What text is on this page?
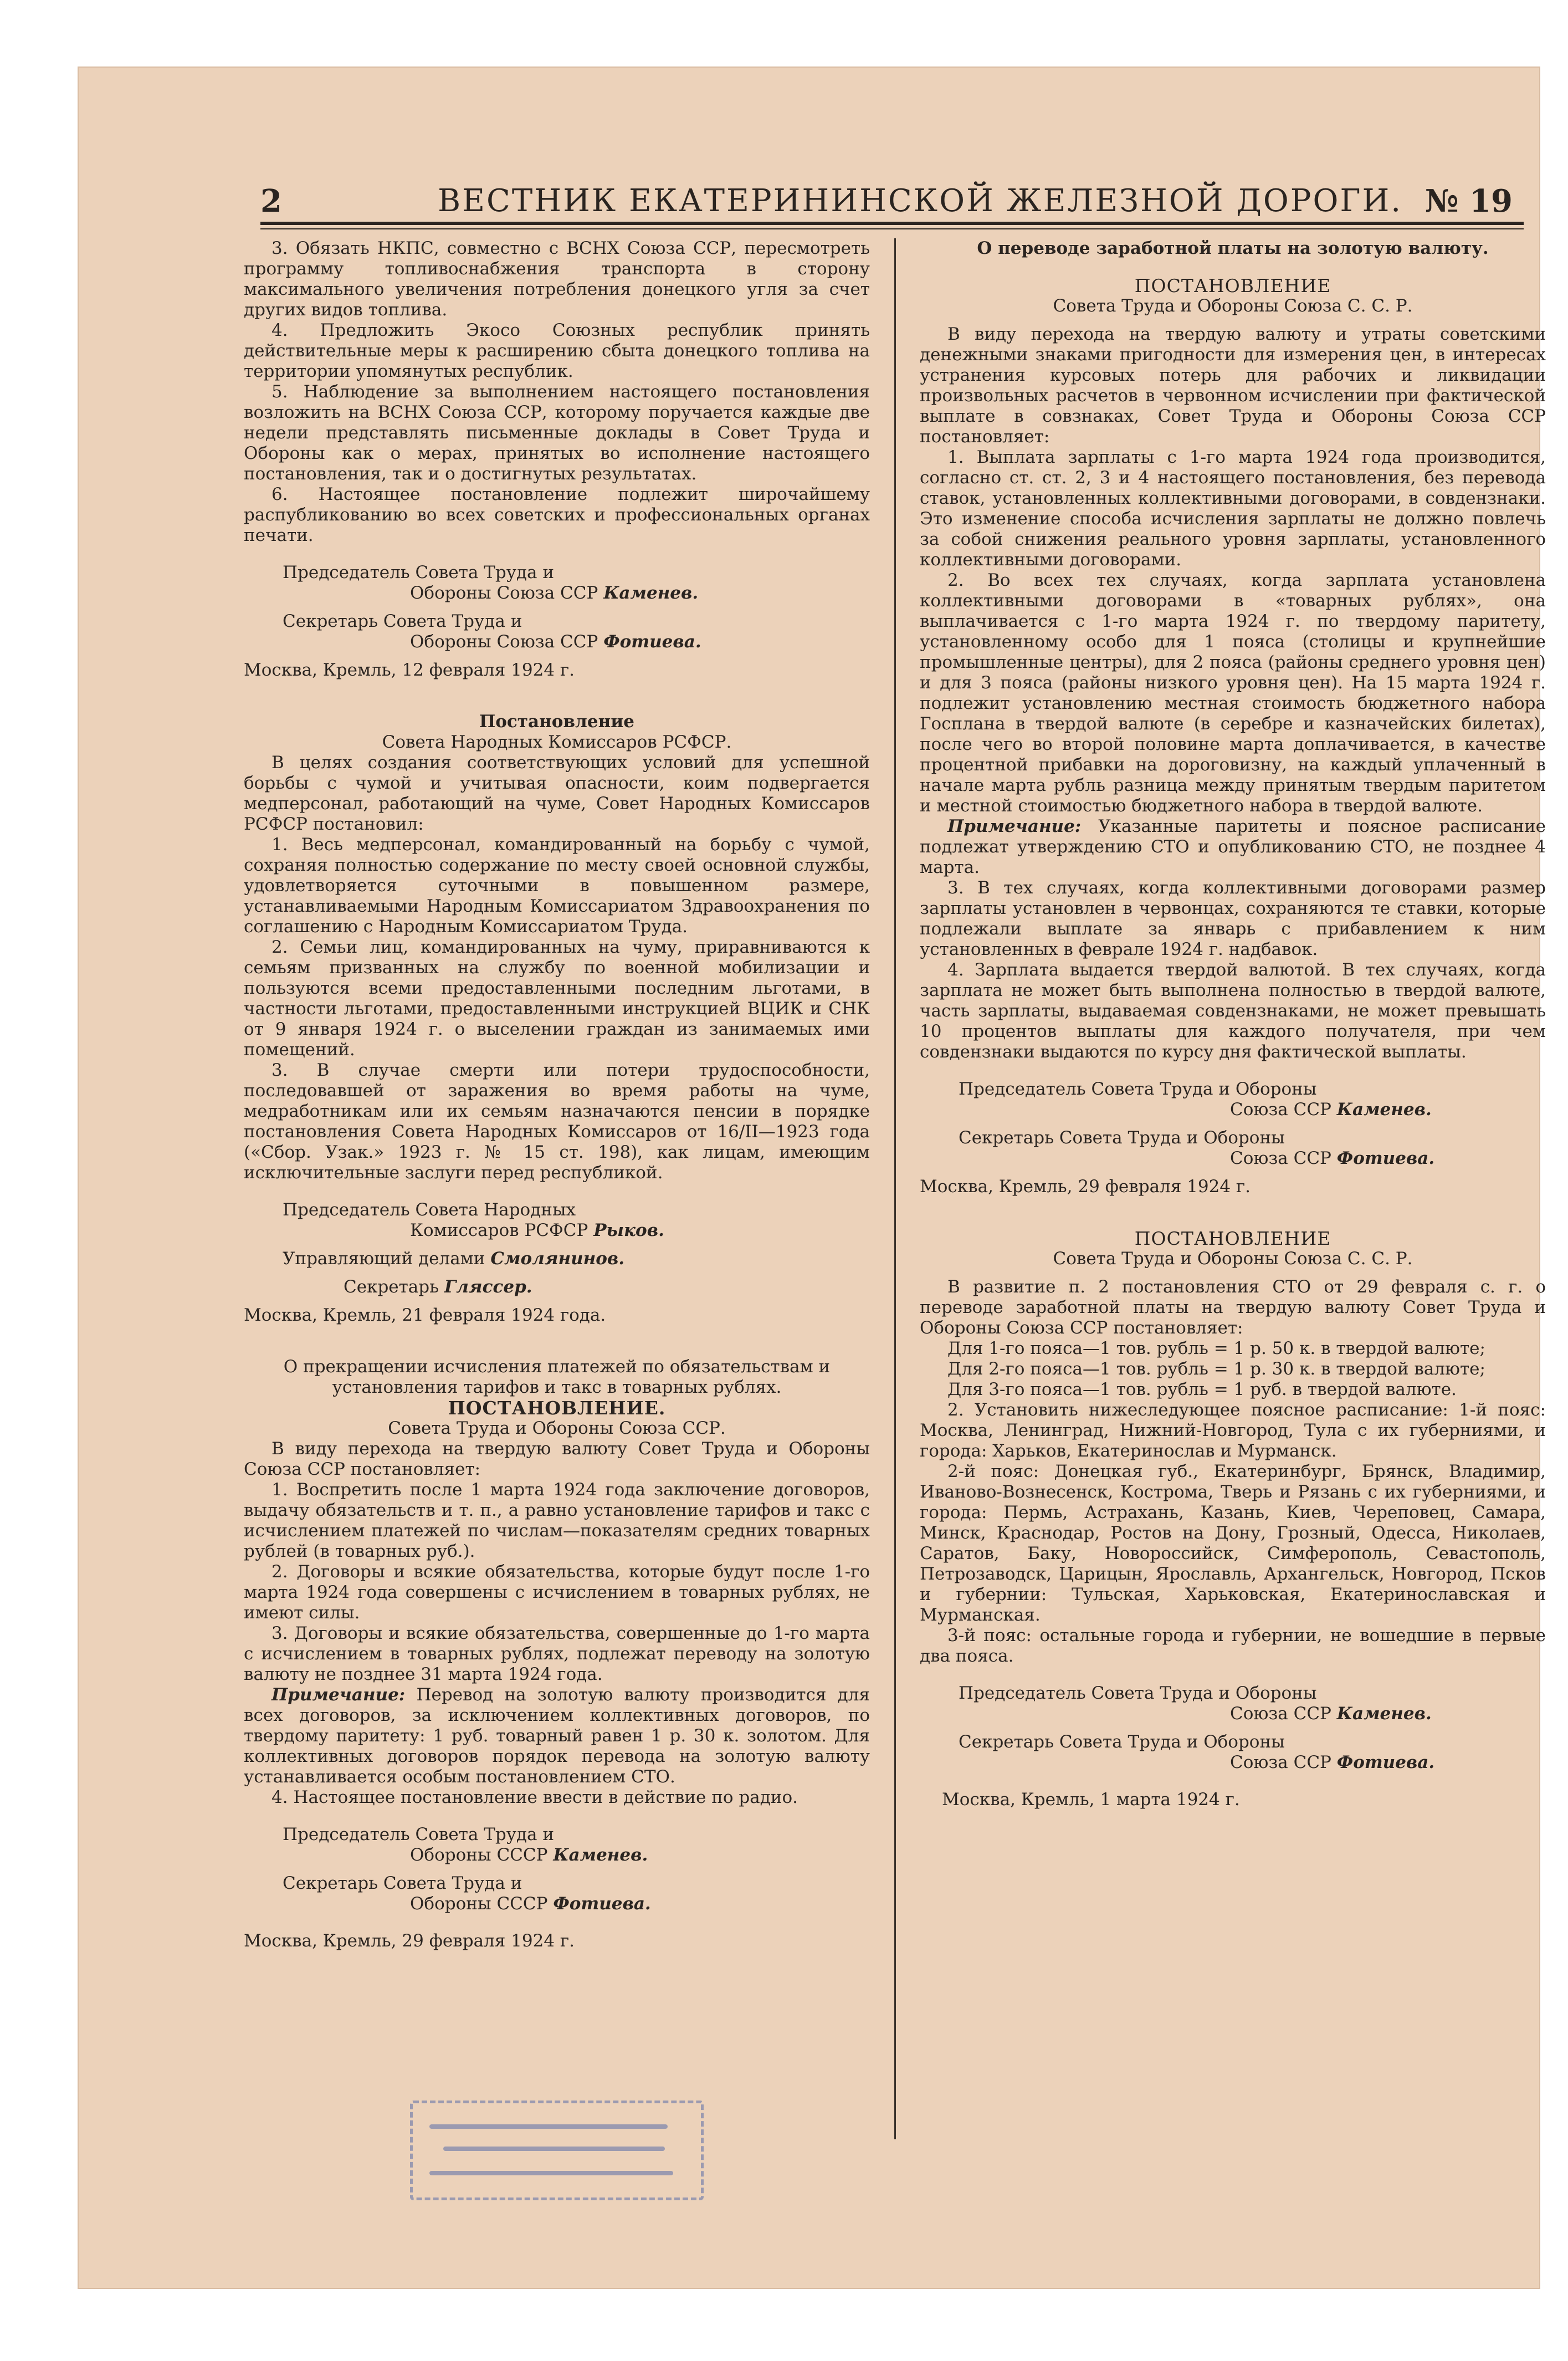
2	ВЕСТНИК ЕКАТЕРИНИНСКОЙ ЖЕЛЕЗНОЙ ДОРОГИ. № 19

3. Обязать НКПС, совместно с ВСНХ Союза ССР, пересмотреть программу топливоснабжения транспорта в сторону максимального увеличения потребления донецкого угля за счет других видов топлива.

4. Предложить Экосо Союзных республик принять действительные меры к расширению сбыта донецкого топлива на территории упомянутых республик.

5. Наблюдение за выполнением настоящего постановления возложить на ВСНХ Союза ССР, которому поручается каждые две недели представлять письменные доклады в Совет Труда и Обороны как о мерах, принятых во исполнение настоящего постановления, так и о достигнутых результатах.

6. Настоящее постановление подлежит широчайшему распубликованию во всех советских и профессиональных органах печати.

Председатель Совета Труда и

Обороны Союза ССР Каменев.

Секретарь Совета Труда и

Обороны Союза ССР Фотиева.

Москва, Кремль, 12 февраля 1924 г.

Постановление

Совета Народных Комиссаров РСФСР.

В целях создания соответствующих условий для успешной борьбы с чумой и учитывая опасности, коим подвергается медперсонал, работающий на чуме, Совет Народных Комиссаров РСФСР постановил:

1. Весь медперсонал, командированный на борьбу с чумой, сохраняя полностью содержание по месту своей основной службы, удовлетворяется суточными в повышенном размере, устанавливаемыми Народным Комиссариатом Здравоохранения по соглашению с Народным Комиссариатом Труда.

2. Семьи лиц, командированных на чуму, приравниваются к семьям призванных на службу по военной мобилизации и пользуются всеми предоставленными последним льготами, в частности льготами, предоставленными инструкцией ВЦИК и СНК от 9 января 1924 г. о выселении граждан из занимаемых ими помещений.

3. В случае смерти или потери трудоспособности, последовавшей от заражения во время работы на чуме, медработникам или их семьям назначаются пенсии в порядке постановления Совета Народных Комиссаров от 16/II—1923 года («Сбор. Узак.» 1923 г. № 15 ст. 198), как лицам, имеющим исключительные заслуги перед республикой.

Председатель Совета Народных

Комиссаров РСФСР Рыков.

Управляющий делами Смолянинов.

Секретарь Гляссер.

Москва, Кремль, 21 февраля 1924 года.

О прекращении исчисления платежей по обязательствам и установления тарифов и такс в товарных рублях.

ПОСТАНОВЛЕНИЕ.

Совета Труда и Обороны Союза ССР.

В виду перехода на твердую валюту Совет Труда и Обороны Союза ССР постановляет:

1. Воспретить после 1 марта 1924 года заключение договоров, выдачу обязательств и т. п., а равно установление тарифов и такс с исчислением платежей по числам—показателям средних товарных рублей (в товарных руб.).

2. Договоры и всякие обязательства, которые будут после 1-го марта 1924 года совершены с исчислением в товарных рублях, не имеют силы.

3. Договоры и всякие обязательства, совершенные до 1-го марта с исчислением в товарных рублях, подлежат переводу на золотую валюту не позднее 31 марта 1924 года.

Примечание: Перевод на золотую валюту производится для всех договоров, за исключением коллективных договоров, по твердому паритету: 1 руб. товарный равен 1 р. 30 к. золотом. Для коллективных договоров порядок перевода на золотую валюту устанавливается особым постановлением СТО.

4. Настоящее постановление ввести в действие по радио.

Председатель Совета Труда и

Обороны СССР Каменев.

Секретарь Совета Труда и

Обороны СССР Фотиева.

Москва, Кремль, 29 февраля 1924 г.

О переводе заработной платы на золотую валюту.

ПОСТАНОВЛЕНИЕ

Совета Труда и Обороны Союза С. С. Р.

В виду перехода на твердую валюту и утраты советскими денежными знаками пригодности для измерения цен, в интересах устранения курсовых потерь для рабочих и ликвидации произвольных расчетов в червонном исчислении при фактической выплате в совзнаках, Совет Труда и Обороны Союза ССР постановляет:

1. Выплата зарплаты с 1-го марта 1924 года производится, согласно ст. ст. 2, 3 и 4 настоящего постановления, без перевода ставок, установленных коллективными договорами, в совдензнаки. Это изменение способа исчисления зарплаты не должно повлечь за собой снижения реального уровня зарплаты, установленного коллективными договорами.

2. Во всех тех случаях, когда зарплата установлена коллективными договорами в «товарных рублях», она выплачивается с 1-го марта 1924 г. по твердому паритету, установленному особо для 1 пояса (столицы и крупнейшие промышленные центры), для 2 пояса (районы среднего уровня цен) и для 3 пояса (районы низкого уровня цен). На 15 марта 1924 г. подлежит установлению местная стоимость бюджетного набора Госплана в твердой валюте (в серебре и казначейских билетах), после чего во второй половине марта доплачивается, в качестве процентной прибавки на дороговизну, на каждый уплаченный в начале марта рубль разница между принятым твердым паритетом и местной стоимостью бюджетного набора в твердой валюте.

Примечание: Указанные паритеты и поясное расписание подлежат утверждению СТО и опубликованию СТО, не позднее 4 марта.

3. В тех случаях, когда коллективными договорами размер зарплаты установлен в червонцах, сохраняются те ставки, которые подлежали выплате за январь с прибавлением к ним установленных в феврале 1924 г. надбавок.

4. Зарплата выдается твердой валютой. В тех случаях, когда зарплата не может быть выполнена полностью в твердой валюте, часть зарплаты, выдаваемая совдензнаками, не может превышать 10 процентов выплаты для каждого получателя, при чем совдензнаки выдаются по курсу дня фактической выплаты.

Председатель Совета Труда и Обороны

Союза ССР Каменев.

Секретарь Совета Труда и Обороны

Союза ССР Фотиева.

Москва, Кремль, 29 февраля 1924 г.

ПОСТАНОВЛЕНИЕ

Совета Труда и Обороны Союза С. С. Р.

В развитие п. 2 постановления СТО от 29 февраля с. г. о переводе заработной платы на твердую валюту Совет Труда и Обороны Союза ССР постановляет:

Для 1-го пояса—1 тов. рубль = 1 р. 50 к. в твердой валюте;

Для 2-го пояса—1 тов. рубль = 1 р. 30 к. в твердой валюте;

Для 3-го пояса—1 тов. рубль = 1 руб. в твердой валюте.

2. Установить нижеследующее поясное расписание: 1-й пояс: Москва, Ленинград, Нижний-Новгород, Тула с их губерниями, и города: Харьков, Екатеринослав и Мурманск.

2-й пояс: Донецкая губ., Екатеринбург, Брянск, Владимир, Иваново-Вознесенск, Кострома, Тверь и Рязань с их губерниями, и города: Пермь, Астрахань, Казань, Киев, Череповец, Самара, Минск, Краснодар, Ростов на Дону, Грозный, Одесса, Николаев, Саратов, Баку, Новороссийск, Симферополь, Севастополь, Петрозаводск, Царицын, Ярославль, Архангельск, Новгород, Псков и губернии: Тульская, Харьковская, Екатеринославская и Мурманская.

3-й пояс: остальные города и губернии, не вошедшие в первые два пояса.

Председатель Совета Труда и Обороны

Союза ССР Каменев.

Секретарь Совета Труда и Обороны

Союза ССР Фотиева.

Москва, Кремль, 1 марта 1924 г.
